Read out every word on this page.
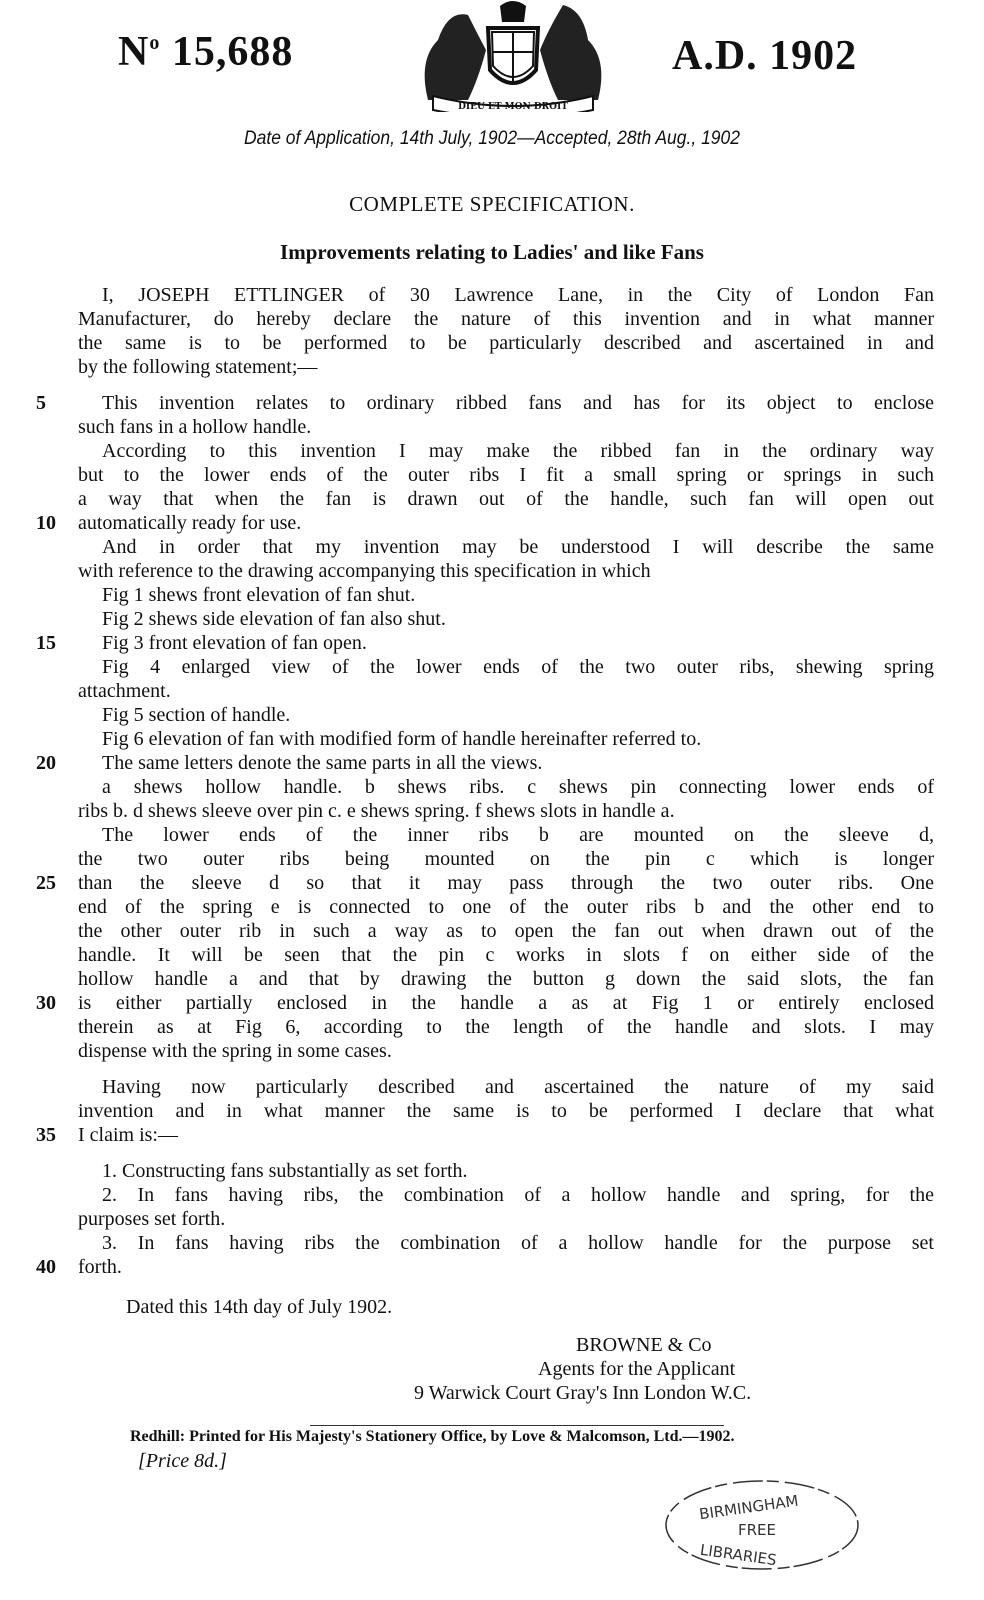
$N^o$ 15,688
DIEU ET MON DROIT
A.D. 1902
Date of Application, 14th July, 1902—Accepted, 28th Aug., 1902
COMPLETE SPECIFICATION.
Improvements relating to Ladies' and like Fans
I, JOSEPH ETTLINGER of 30 Lawrence Lane, in the City of London Fan
Manufacturer, do hereby declare the nature of this invention and in what manner
the same is to be performed to be particularly described and ascertained in and
by the following statement;—
5	This invention relates to ordinary ribbed fans and has for its object to enclose
such fans in a hollow handle.
According to this invention I may make the ribbed fan in the ordinary way
but to the lower ends of the outer ribs I fit a small spring or springs in such
a way that when the fan is drawn out of the handle, such fan will open out
10	automatically ready for use.
And in order that my invention may be understood I will describe the same
with reference to the drawing accompanying this specification in which
Fig 1 shews front elevation of fan shut.
Fig 2 shews side elevation of fan also shut.
15	Fig 3 front elevation of fan open.
Fig 4 enlarged view of the lower ends of the two outer ribs, shewing spring
attachment.
Fig 5 section of handle.
Fig 6 elevation of fan with modified form of handle hereinafter referred to.
20	The same letters denote the same parts in all the views.
a shews hollow handle. b shews ribs. c shews pin connecting lower ends of
ribs b. d shews sleeve over pin c. e shews spring. f shews slots in handle a.
The lower ends of the inner ribs b are mounted on the sleeve d,
the two outer ribs being mounted on the pin c which is longer
25	than the sleeve d so that it may pass through the two outer ribs. One
end of the spring e is connected to one of the outer ribs b and the other end to
the other outer rib in such a way as to open the fan out when drawn out of the
handle. It will be seen that the pin c works in slots f on either side of the
hollow handle a and that by drawing the button g down the said slots, the fan
30	is either partially enclosed in the handle a as at Fig 1 or entirely enclosed
therein as at Fig 6, according to the length of the handle and slots. I may
dispense with the spring in some cases.
Having now particularly described and ascertained the nature of my said
invention and in what manner the same is to be performed I declare that what
35	I claim is:—
1. Constructing fans substantially as set forth.
2. In fans having ribs, the combination of a hollow handle and spring, for the
purposes set forth.
3. In fans having ribs the combination of a hollow handle for the purpose set
40	forth.
Dated this 14th day of July 1902.
BROWNE & Co
Agents for the Applicant
9 Warwick Court Gray's Inn London W.C.
Redhill: Printed for His Majesty's Stationery Office, by Love & Malcomson, Ltd.—1902.
[Price 8d.]
BIRMINGHAM
FREE
LIBRARIES
